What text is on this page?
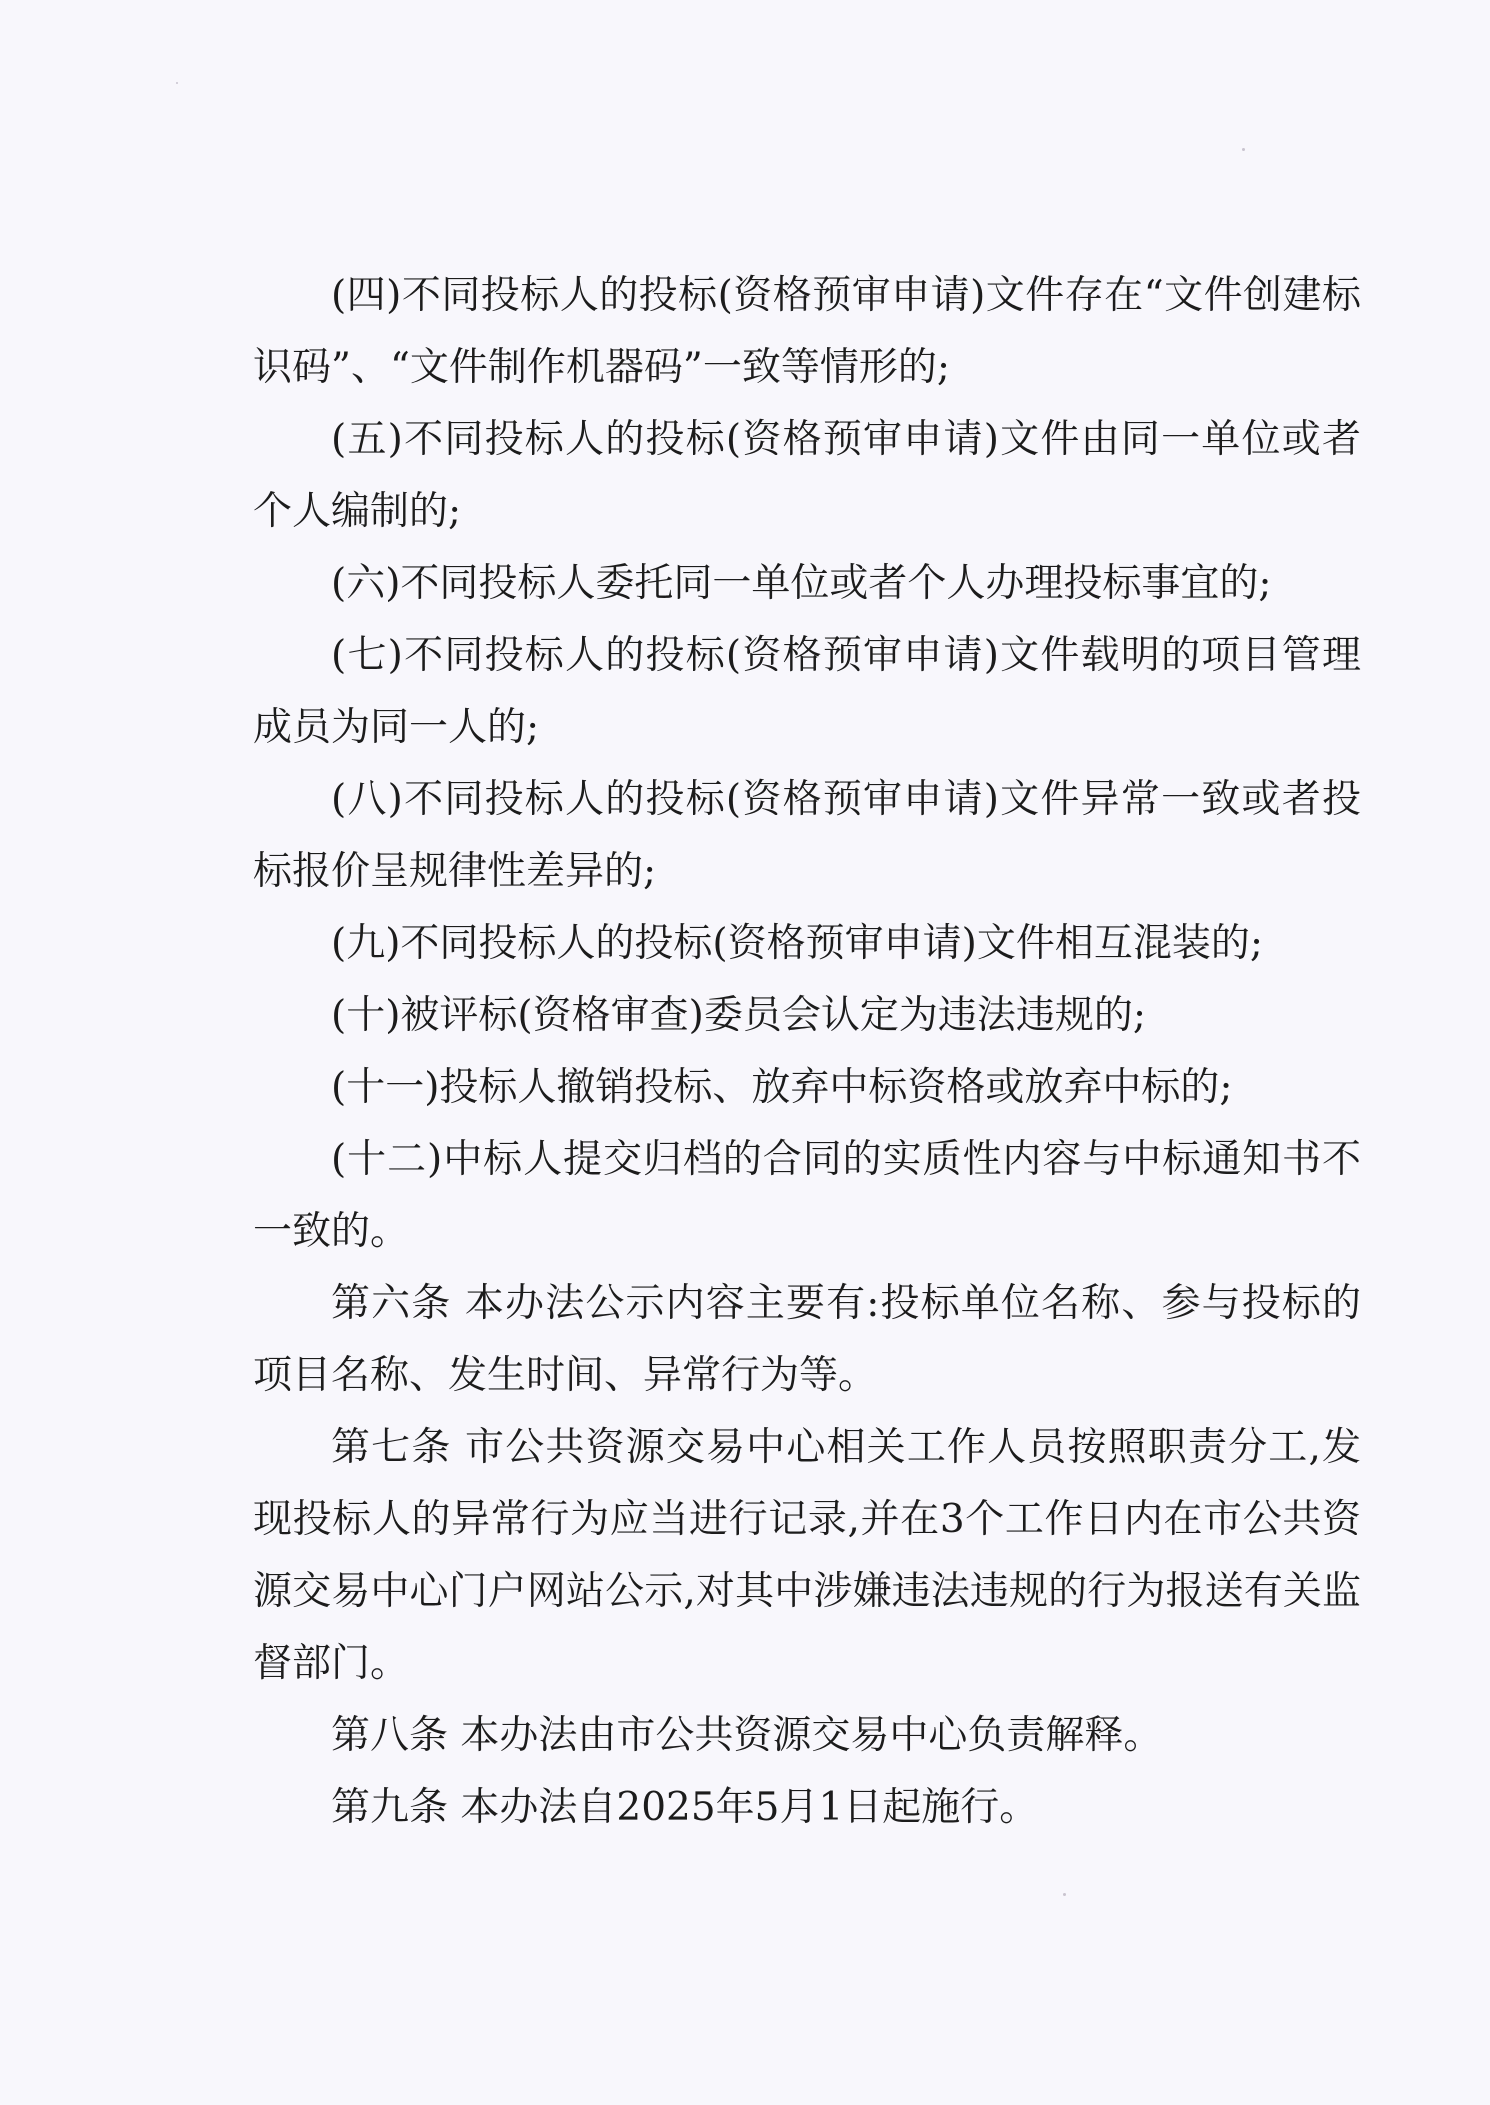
(四)不同投标人的投标(资格预审申请)文件存在“文件创建标识码”、“文件制作机器码”一致等情形的;

(五)不同投标人的投标(资格预审申请)文件由同一单位或者个人编制的;

(六)不同投标人委托同一单位或者个人办理投标事宜的;

(七)不同投标人的投标(资格预审申请)文件载明的项目管理成员为同一人的;

(八)不同投标人的投标(资格预审申请)文件异常一致或者投标报价呈规律性差异的;

(九)不同投标人的投标(资格预审申请)文件相互混装的;

(十)被评标(资格审查)委员会认定为违法违规的;

(十一)投标人撤销投标、放弃中标资格或放弃中标的;

(十二)中标人提交归档的合同的实质性内容与中标通知书不一致的。

第六条 本办法公示内容主要有:投标单位名称、参与投标的项目名称、发生时间、异常行为等。

第七条 市公共资源交易中心相关工作人员按照职责分工,发现投标人的异常行为应当进行记录,并在3个工作日内在市公共资源交易中心门户网站公示,对其中涉嫌违法违规的行为报送有关监督部门。

第八条 本办法由市公共资源交易中心负责解释。

第九条 本办法自2025年5月1日起施行。
